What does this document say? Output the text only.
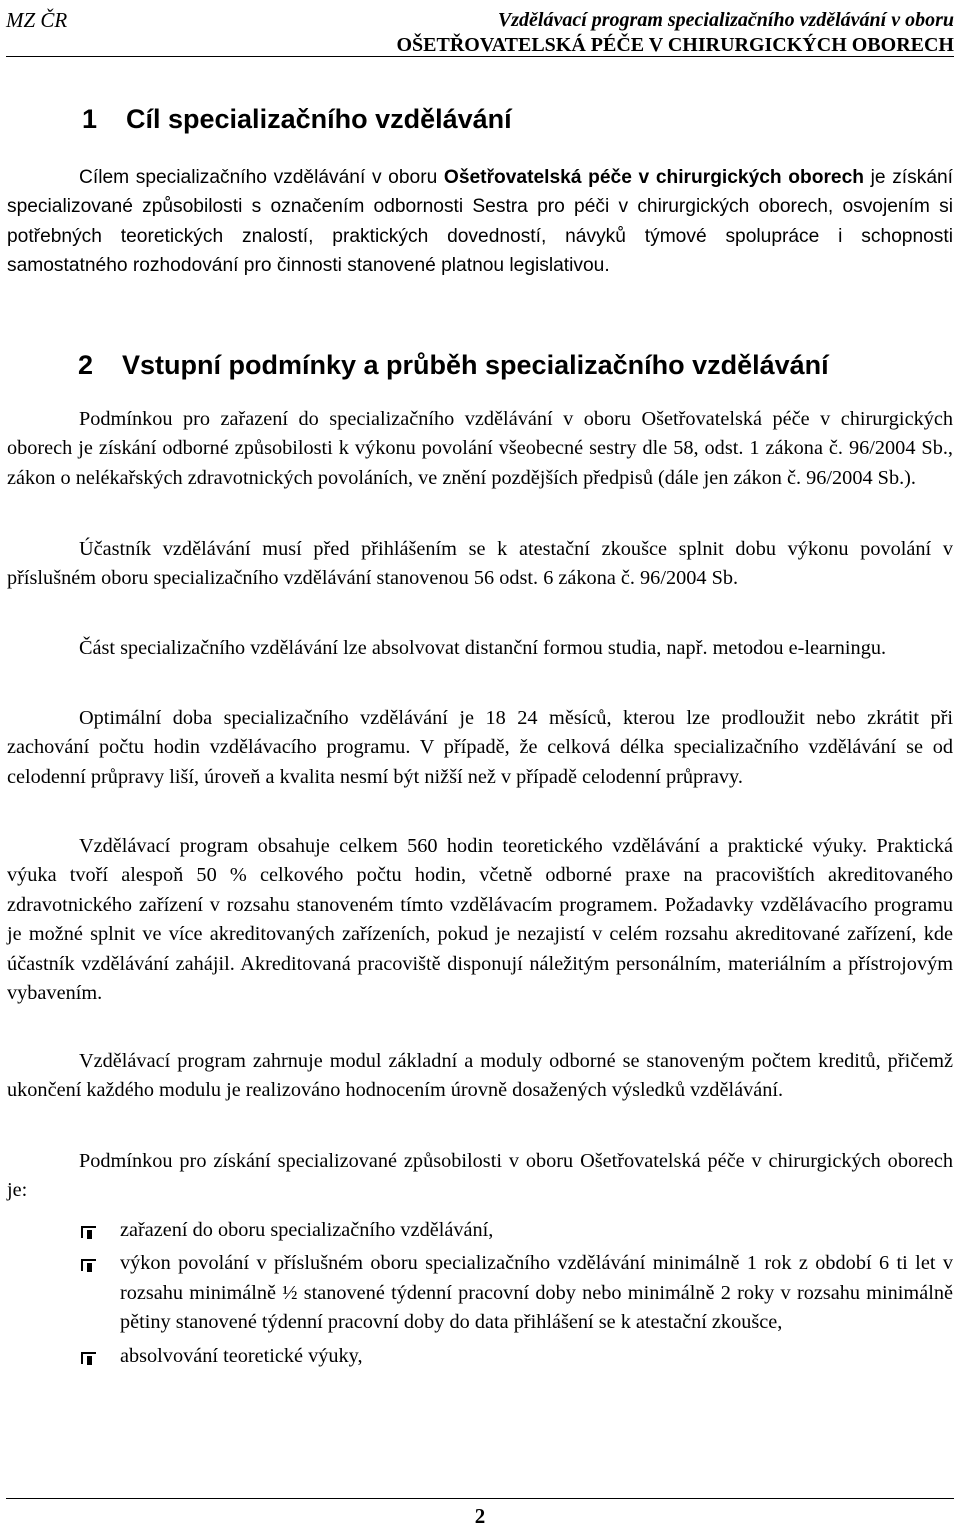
MZ ČR	Vzdělávací program specializačního vzdělávání v oboru
OŠETŘOVATELSKÁ PÉČE V CHIRURGICKÝCH OBORECH
1 Cíl specializačního vzdělávání

Cílem specializačního vzdělávání v oboru Ošetřovatelská péče v chirurgických oborech je získání specializované způsobilosti s označením odbornosti Sestra pro péči v chirurgických oborech, osvojením si potřebných teoretických znalostí, praktických dovedností, návyků týmové spolupráce i schopnosti samostatného rozhodování pro činnosti stanovené platnou legislativou.

2 Vstupní podmínky a průběh specializačního vzdělávání

Podmínkou pro zařazení do specializačního vzdělávání v oboru Ošetřovatelská péče v chirurgických oborech je získání odborné způsobilosti k výkonu povolání všeobecné sestry dle 58, odst. 1 zákona č. 96/2004 Sb., zákon o nelékařských zdravotnických povoláních, ve znění pozdějších předpisů (dále jen zákon č. 96/2004 Sb.).

Účastník vzdělávání musí před přihlášením se k atestační zkoušce splnit dobu výkonu povolání v příslušném oboru specializačního vzdělávání stanovenou 56 odst. 6 zákona č. 96/2004 Sb.

Část specializačního vzdělávání lze absolvovat distanční formou studia, např. metodou e-learningu.

Optimální doba specializačního vzdělávání je 18 24 měsíců, kterou lze prodloužit nebo zkrátit při zachování počtu hodin vzdělávacího programu. V případě, že celková délka specializačního vzdělávání se od celodenní průpravy liší, úroveň a kvalita nesmí být nižší než v případě celodenní průpravy.

Vzdělávací program obsahuje celkem 560 hodin teoretického vzdělávání a praktické výuky. Praktická výuka tvoří alespoň 50 % celkového počtu hodin, včetně odborné praxe na pracovištích akreditovaného zdravotnického zařízení v rozsahu stanoveném tímto vzdělávacím programem. Požadavky vzdělávacího programu je možné splnit ve více akreditovaných zařízeních, pokud je nezajistí v celém rozsahu akreditované zařízení, kde účastník vzdělávání zahájil. Akreditovaná pracoviště disponují náležitým personálním, materiálním a přístrojovým vybavením.

Vzdělávací program zahrnuje modul základní a moduly odborné se stanoveným počtem kreditů, přičemž ukončení každého modulu je realizováno hodnocením úrovně dosažených výsledků vzdělávání.

Podmínkou pro získání specializované způsobilosti v oboru Ošetřovatelská péče v chirurgických oborech je:

zařazení do oboru specializačního vzdělávání,
výkon povolání v příslušném oboru specializačního vzdělávání minimálně 1 rok z období 6 ti let v rozsahu minimálně ½ stanovené týdenní pracovní doby nebo minimálně 2 roky v rozsahu minimálně pětiny stanovené týdenní pracovní doby do data přihlášení se k atestační zkoušce,
absolvování teoretické výuky,
2
